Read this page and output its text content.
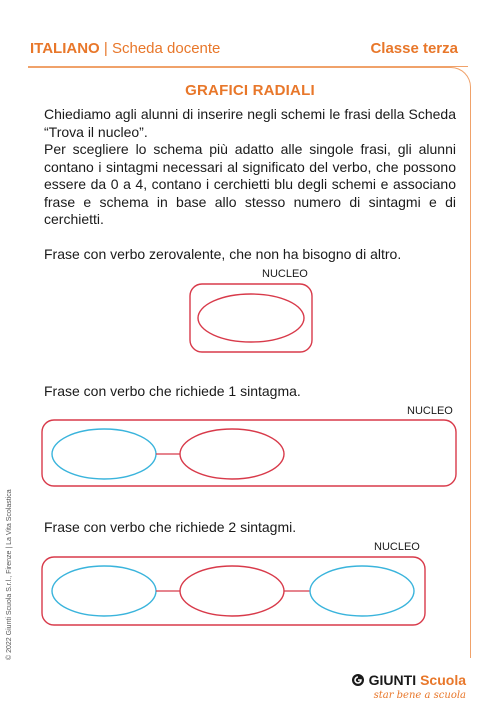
ITALIANO | Scheda docente	Classe terza
GRAFICI RADIALI

Chiediamo agli alunni di inserire negli schemi le frasi della Scheda “Trova il nucleo”.

Per scegliere lo schema più adatto alle singole frasi, gli alunni contano i sintagmi necessari al significato del verbo, che possono essere da 0 a 4, contano i cerchietti blu degli schemi e associano frase e schema in base allo stesso numero di sintagmi e di cerchietti.

Frase con verbo zerovalente, che non ha bisogno di altro.
NUCLEO
Frase con verbo che richiede 1 sintagma.
NUCLEO
Frase con verbo che richiede 2 sintagmi.
NUCLEO
© 2022 Giunti Scuola S.r.l., Firenze | La Vita Scolastica
GIUNTI Scuola
star bene a scuola
